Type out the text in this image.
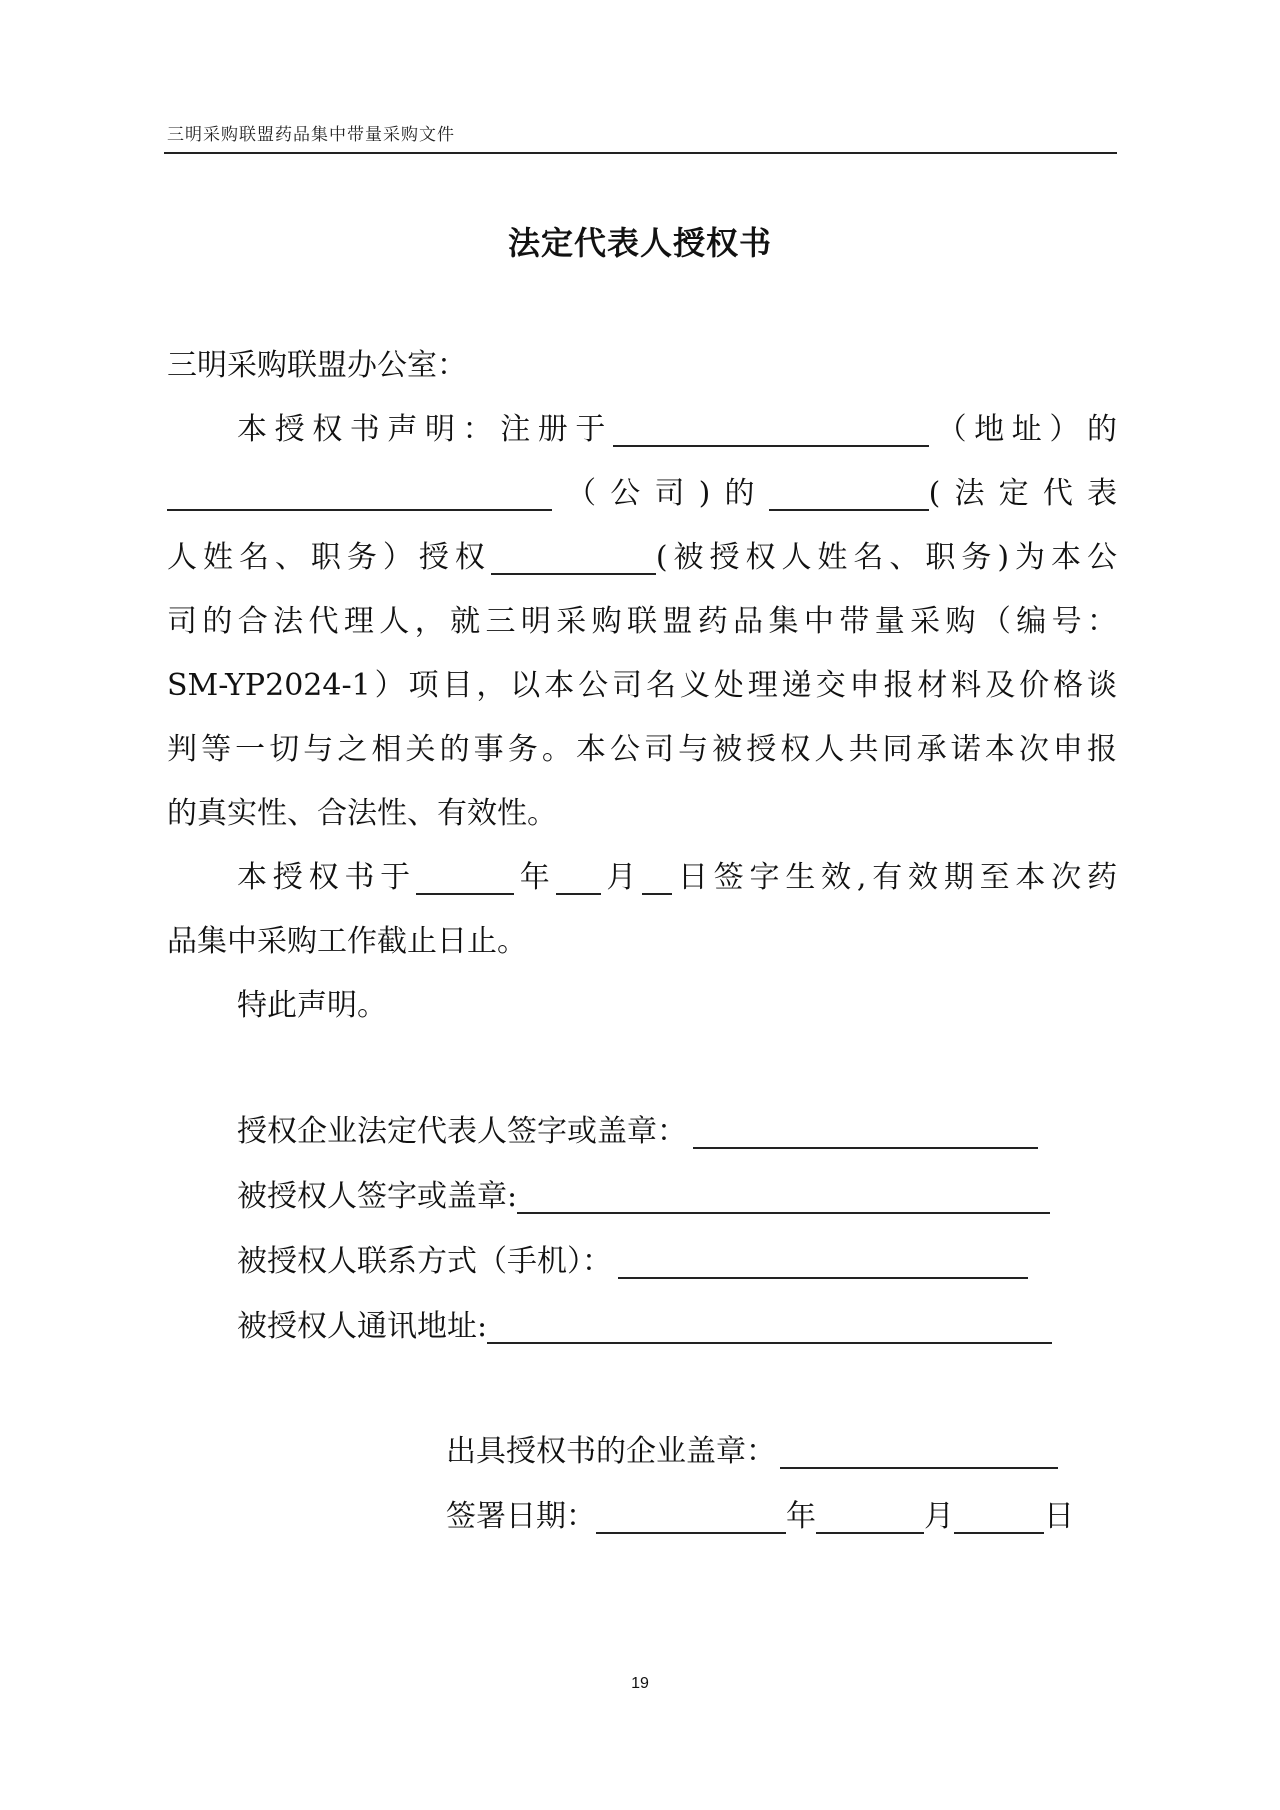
三明采购联盟药品集中带量采购文件
法定代表人授权书
三明采购联盟办公室：
本授权书声明：注册于	（地址）的
（公司)的	(法定代表
人姓名、职务）授权	(被授权人姓名、职务)为本公
司的合法代理人，就三明采购联盟药品集中带量采购（编号：
SM-YP2024-1）项目，以本公司名义处理递交申报材料及价格谈
判等一切与之相关的事务。本公司与被授权人共同承诺本次申报
的真实性、合法性、有效性。
本授权书于	年 月 日签字生效,有效期至本次药
品集中采购工作截止日止。
特此声明。
授权企业法定代表人签字或盖章：
被授权人签字或盖章:
被授权人联系方式（手机）：
被授权人通讯地址:
出具授权书的企业盖章：
签署日期：	年	月	日
19
